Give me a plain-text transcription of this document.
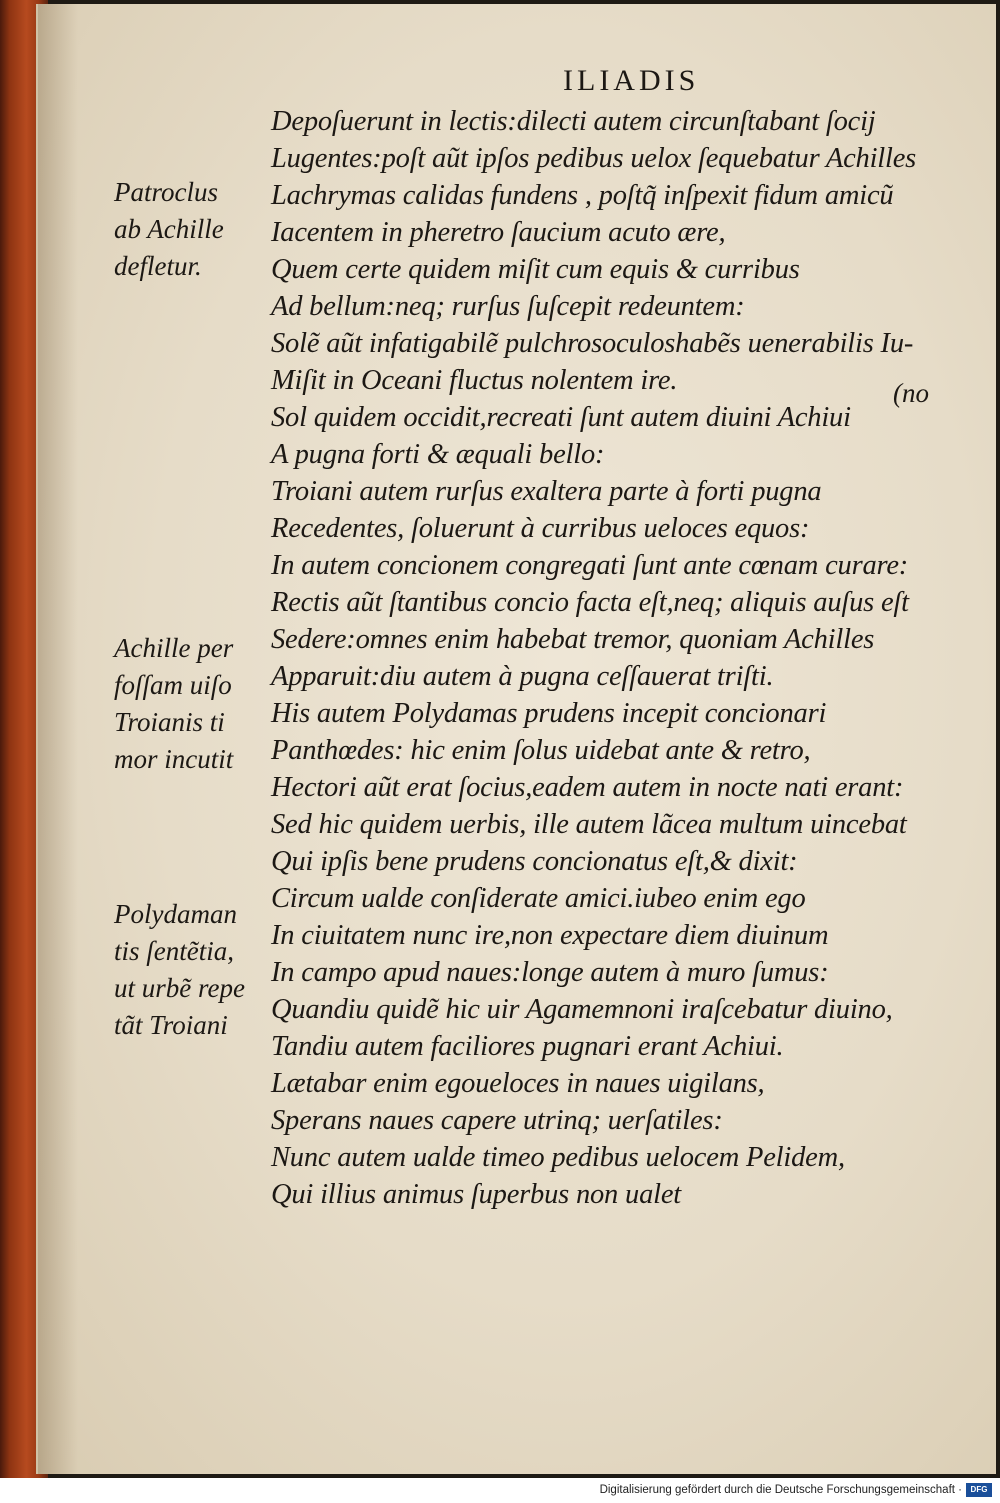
ILIADIS
Depoſuerunt in lectis:dilecti autem circunſtabant ſocij
Lugentes:poſt aũt ipſos pedibus uelox ſequebatur Achilles
Lachrymas calidas fundens , poſtq̃ inſpexit fidum amicũ
Iacentem in pheretro ſaucium acuto ære,
Quem certe quidem miſit cum equis & curribus
Ad bellum:neq; rurſus ſuſcepit redeuntem:
Solẽ aũt infatigabilẽ pulchrosoculoshabẽs uenerabilis Iu-
Miſit in Oceani fluctus nolentem ire.
Sol quidem occidit,recreati ſunt autem diuini Achiui
A pugna forti & æquali bello:
Troiani autem rurſus exaltera parte à forti pugna
Recedentes, ſoluerunt à curribus ueloces equos:
In autem concionem congregati ſunt ante cœnam curare:
Rectis aũt ſtantibus concio facta eſt,neq; aliquis auſus eſt
Sedere:omnes enim habebat tremor, quoniam Achilles
Apparuit:diu autem à pugna ceſſauerat triſti.
His autem Polydamas prudens incepit concionari
Panthœdes: hic enim ſolus uidebat ante & retro,
Hectori aũt erat ſocius,eadem autem in nocte nati erant:
Sed hic quidem uerbis, ille autem lãcea multum uincebat
Qui ipſis bene prudens concionatus eſt,& dixit:
Circum ualde conſiderate amici.iubeo enim ego
In ciuitatem nunc ire,non expectare diem diuinum
In campo apud naues:longe autem à muro ſumus:
Quandiu quidẽ hic uir Agamemnoni iraſcebatur diuino,
Tandiu autem faciliores pugnari erant Achiui.
Lætabar enim egoueloces in naues uigilans,
Sperans naues capere utrinq; uerſatiles:
Nunc autem ualde timeo pedibus uelocem Pelidem,
Qui illius animus ſuperbus non ualet
(no
Patroclus
ab Achille
defletur.
Achille per
foſſam uiſo
Troianis ti
mor incutit
Polydaman
tis ſentẽtia,
ut urbẽ repe
tãt Troiani
Digitalisierung gefördert durch die Deutsche Forschungsgemeinschaft ·	DFG
